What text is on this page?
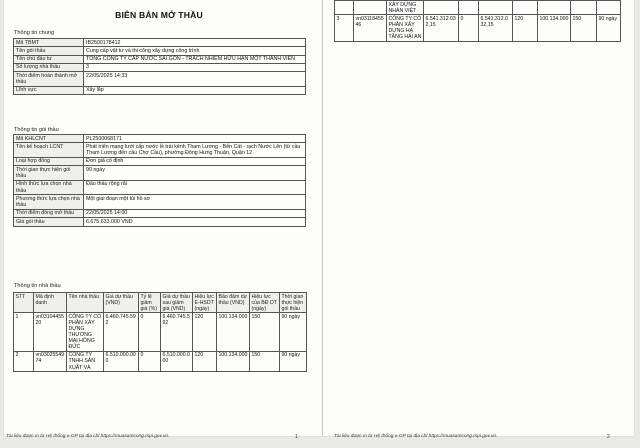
BIÊN BẢN MỞ THẦU
Thông tin chung
Mã TBMT	IB2500178412
Tên gói thầu	Cung cấp vật tư và thi công xây dựng công trình
Tên chủ đầu tư	TỔNG CÔNG TY CẤP NƯỚC SÀI GÒN - TRÁCH NHIỆM HỮU HẠN MỘT THÀNH VIÊN
Số lượng nhà thầu	3
Thời điểm hoàn thành mở thầu	22/05/2025 14:33
Lĩnh vực	Xây lắp
Thông tin gói thầu
Mã KHLCNT	PL2500068171
Tên kế hoạch LCNT	Phát triển mạng lưới cấp nước lề trái kênh Tham Lương - Bến Cát - rạch Nước Lên (từ cầu Tham Lương đến cầu Chợ Cầu), phường Đông Hưng Thuận, Quận 12
Loại hợp đồng	Đơn giá cố định
Thời gian thực hiện gói thầu	90 ngày
Hình thức lựa chọn nhà thầu	Đấu thầu rộng rãi
Phương thức lựa chọn nhà thầu	Một giai đoạn một túi hồ sơ
Thời điểm đóng mở thầu	22/05/2025 14:00
Giá gói thầu	6.675.633.000 VND
Thông tin nhà thầu
STT	Mã định danh	Tên nhà thầu	Giá dự thầu (VND)	Tỷ lệ giảm giá (%)	Giá dự thầu sau giảm giá (VND)	Hiệu lực E-HSDT (ngày)	Bảo đảm dự thầu (VND)	Hiệu lực của BĐ DT (ngày)	Thời gian thực hiện gói thầu
1	vn0310445520	CÔNG TY CỔ PHẦN XÂY DỰNG THƯƠNG MẠI HỒNG ĐỨC	6.460.745.592	0	6.460.745.592	120	100.134.000	150	90 ngày
2	vn0302554974	CÔNG TY TNHH SẢN XUẤT VÀ	6.510.000.000	0	6.510.000.000	120	100.134.000	150	90 ngày
		XÂY DỰNG NHÂN VIỆT							
3	vn0311845546	CÔNG TY CỔ PHẦN XÂY DỰNG HẠ TẦNG HẢI AN	6.541.312.032,15	0	6.541.312.032,15	120	100.134.000	150	90 ngày
Tài liệu được in từ Hệ thống e-GP tại địa chỉ https://muasamcong.mpi.gov.vn.	1	Tài liệu được in từ Hệ thống e-GP tại địa chỉ https://muasamcong.mpi.gov.vn.	2
